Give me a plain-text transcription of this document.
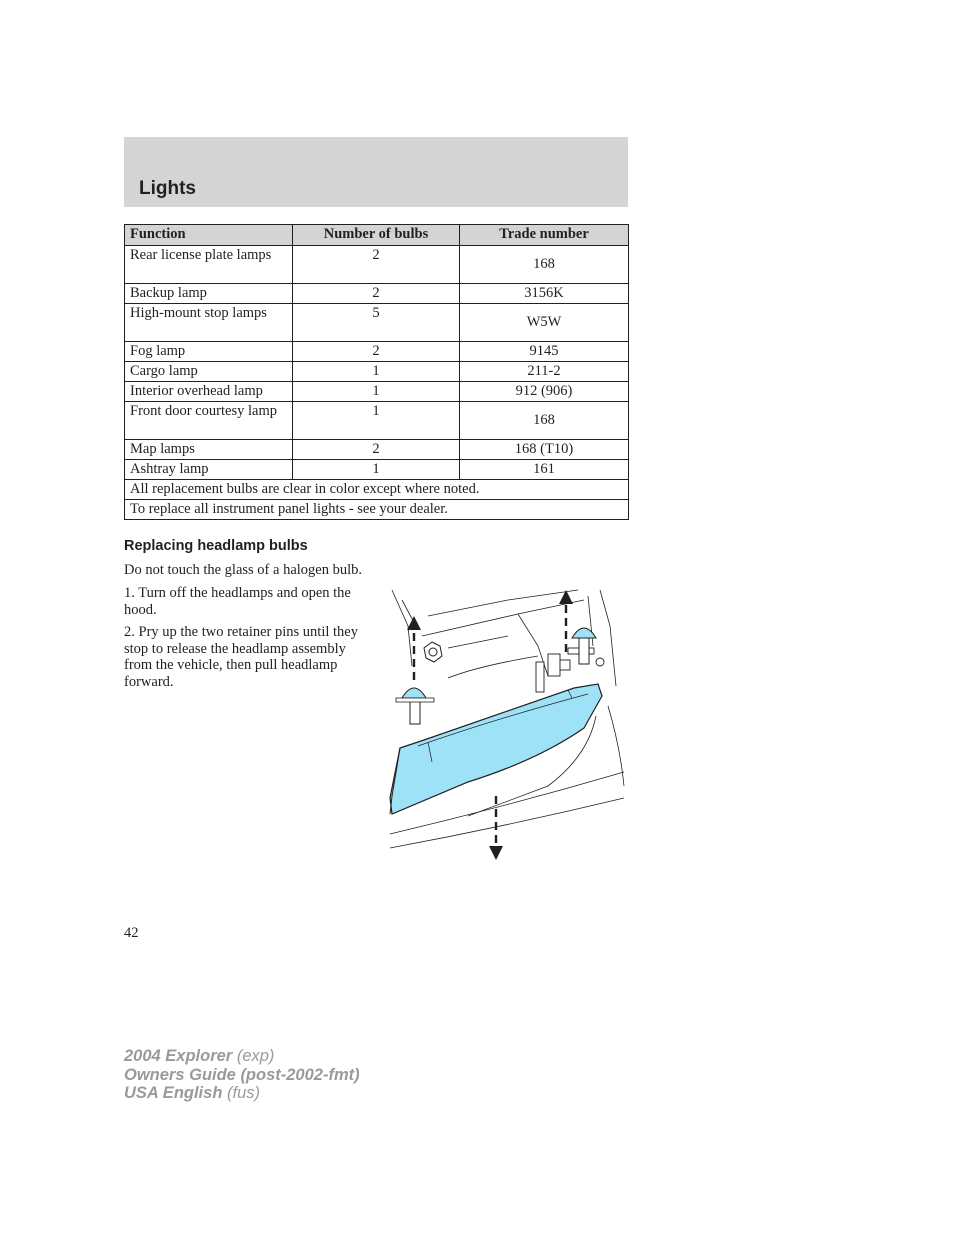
Lights
Function	Number of bulbs	Trade number
Rear license plate lamps	2	168
Backup lamp	2	3156K
High-mount stop lamps	5	W5W
Fog lamp	2	9145
Cargo lamp	1	211-2
Interior overhead lamp	1	912 (906)
Front door courtesy lamp	1	168
Map lamps	2	168 (T10)
Ashtray lamp	1	161
All replacement bulbs are clear in color except where noted.		
To replace all instrument panel lights - see your dealer.		
Replacing headlamp bulbs

Do not touch the glass of a halogen bulb.

1. Turn off the headlamps and open the hood.

2. Pry up the two retainer pins until they stop to release the headlamp assembly from the vehicle, then pull headlamp forward.

42

2004 Explorer (exp)
Owners Guide (post-2002-fmt)
USA English (fus)
